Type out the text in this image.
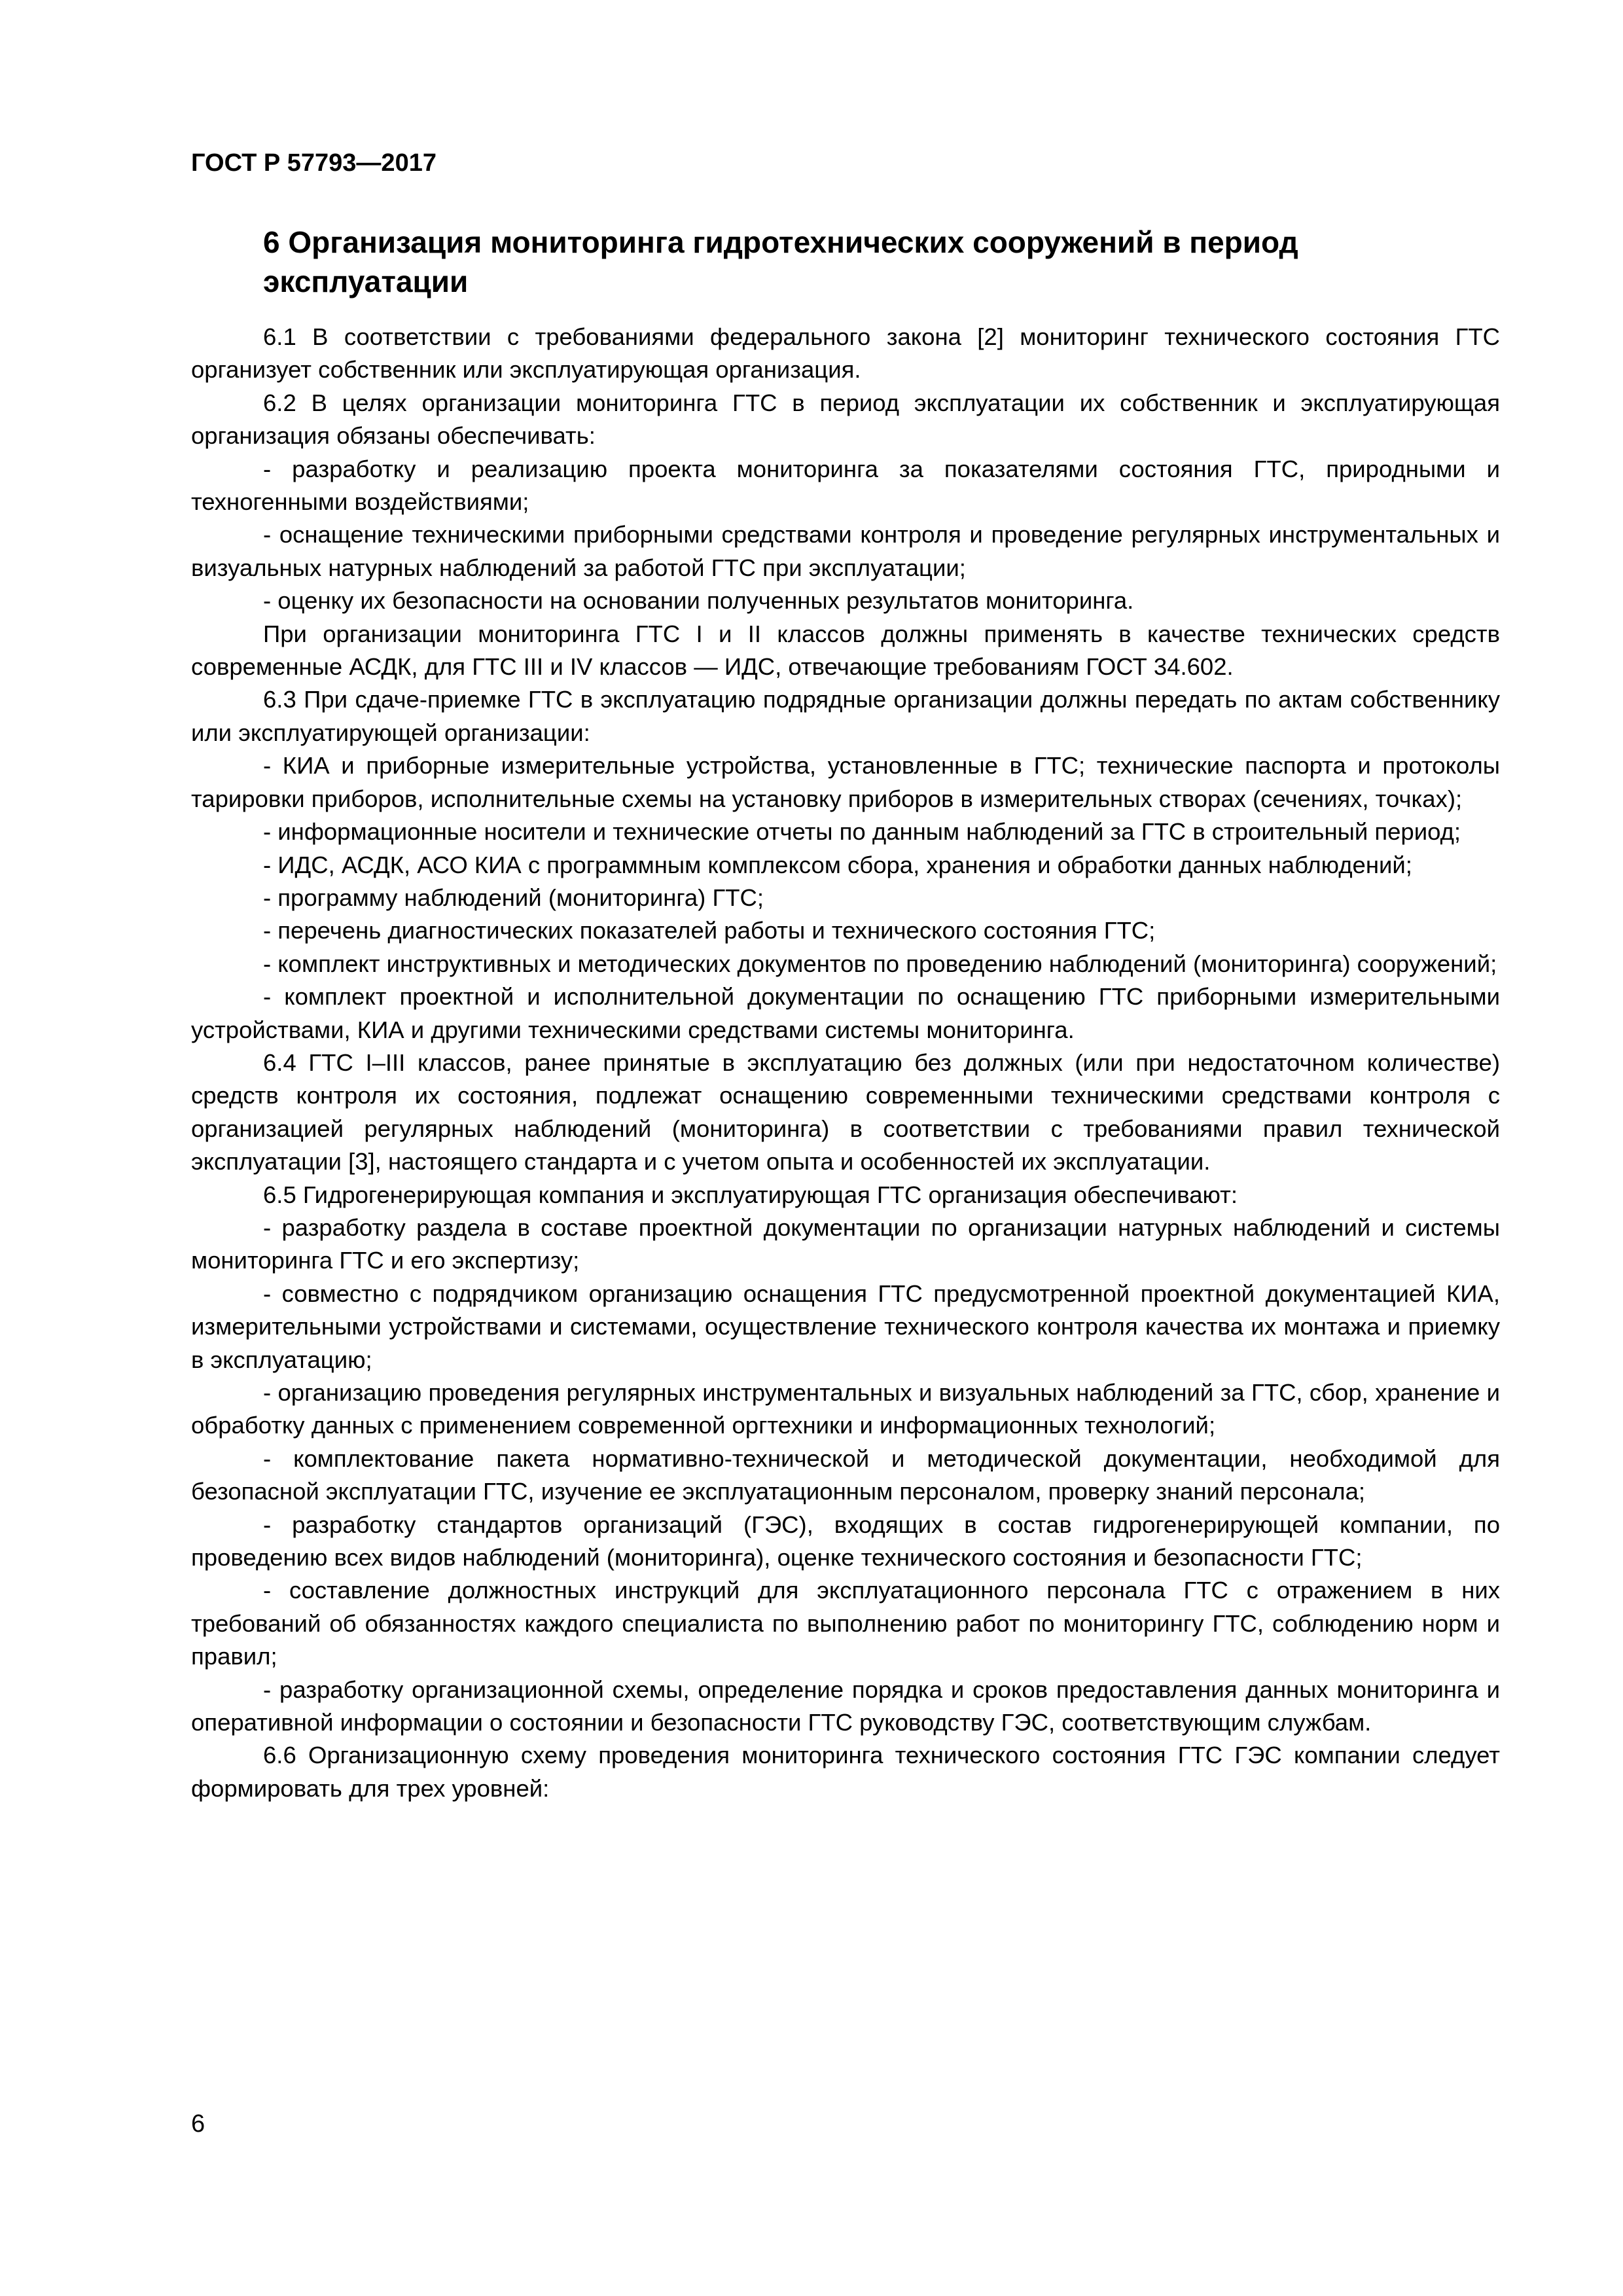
ГОСТ Р 57793—2017
6 Организация мониторинга гидротехнических сооружений в период эксплуатации

6.1 В соответствии с требованиями федерального закона [2] мониторинг технического состояния ГТС организует собственник или эксплуатирующая организация.

6.2 В целях организации мониторинга ГТС в период эксплуатации их собственник и эксплуатирующая организация обязаны обеспечивать:

- разработку и реализацию проекта мониторинга за показателями состояния ГТС, природными и техногенными воздействиями;

- оснащение техническими приборными средствами контроля и проведение регулярных инструментальных и визуальных натурных наблюдений за работой ГТС при эксплуатации;

- оценку их безопасности на основании полученных результатов мониторинга.

При организации мониторинга ГТС I и II классов должны применять в качестве технических средств современные АСДК, для ГТС III и IV классов — ИДС, отвечающие требованиям ГОСТ 34.602.

6.3 При сдаче-приемке ГТС в эксплуатацию подрядные организации должны передать по актам собственнику или эксплуатирующей организации:

- КИА и приборные измерительные устройства, установленные в ГТС; технические паспорта и протоколы тарировки приборов, исполнительные схемы на установку приборов в измерительных створах (сечениях, точках);

- информационные носители и технические отчеты по данным наблюдений за ГТС в строительный период;

- ИДС, АСДК, АСО КИА с программным комплексом сбора, хранения и обработки данных наблюдений;

- программу наблюдений (мониторинга) ГТС;

- перечень диагностических показателей работы и технического состояния ГТС;

- комплект инструктивных и методических документов по проведению наблюдений (мониторинга) сооружений;

- комплект проектной и исполнительной документации по оснащению ГТС приборными измерительными устройствами, КИА и другими техническими средствами системы мониторинга.

6.4 ГТС I–III классов, ранее принятые в эксплуатацию без должных (или при недостаточном количестве) средств контроля их состояния, подлежат оснащению современными техническими средствами контроля с организацией регулярных наблюдений (мониторинга) в соответствии с требованиями правил технической эксплуатации [3], настоящего стандарта и с учетом опыта и особенностей их эксплуатации.

6.5 Гидрогенерирующая компания и эксплуатирующая ГТС организация обеспечивают:

- разработку раздела в составе проектной документации по организации натурных наблюдений и системы мониторинга ГТС и его экспертизу;

- совместно с подрядчиком организацию оснащения ГТС предусмотренной проектной документацией КИА, измерительными устройствами и системами, осуществление технического контроля качества их монтажа и приемку в эксплуатацию;

- организацию проведения регулярных инструментальных и визуальных наблюдений за ГТС, сбор, хранение и обработку данных с применением современной оргтехники и информационных технологий;

- комплектование пакета нормативно-технической и методической документации, необходимой для безопасной эксплуатации ГТС, изучение ее эксплуатационным персоналом, проверку знаний персонала;

- разработку стандартов организаций (ГЭС), входящих в состав гидрогенерирующей компании, по проведению всех видов наблюдений (мониторинга), оценке технического состояния и безопасности ГТС;

- составление должностных инструкций для эксплуатационного персонала ГТС с отражением в них требований об обязанностях каждого специалиста по выполнению работ по мониторингу ГТС, соблюдению норм и правил;

- разработку организационной схемы, определение порядка и сроков предоставления данных мониторинга и оперативной информации о состоянии и безопасности ГТС руководству ГЭС, соответствующим службам.

6.6 Организационную схему проведения мониторинга технического состояния ГТС ГЭС компании следует формировать для трех уровней:

6
